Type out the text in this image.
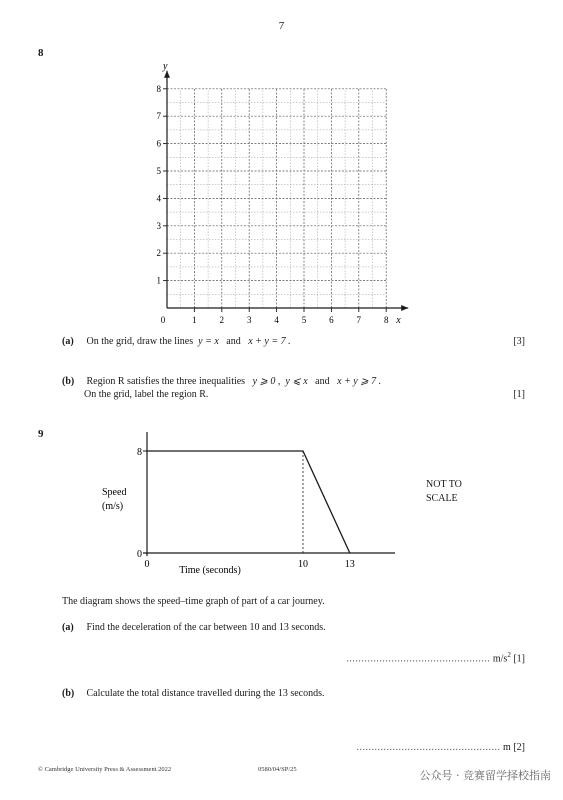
7
8
1	2	3	4	5	6	7	8
1
2
3
4
5
6
7
8
x
y
0
(a) On the grid, draw the lines y = x and x + y = 7 .	[3]
(b) Region R satisfies the three inequalities y ⩾ 0 , y ⩽ x and x + y ⩾ 7 .
On the grid, label the region R.	[1]
9
8
0
0	10	13
Speed
(m/s)
Time (seconds)
NOT TO
SCALE
The diagram shows the speed–time graph of part of a car journey.
(a) Find the deceleration of the car between 10 and 13 seconds.
................................................ $m/s^2$ [1]
(b) Calculate the total distance travelled during the 13 seconds.
................................................ m [2]
© Cambridge University Press & Assessment 2022	0580/04/SP/25	公众号 · 竞赛留学择校指南
